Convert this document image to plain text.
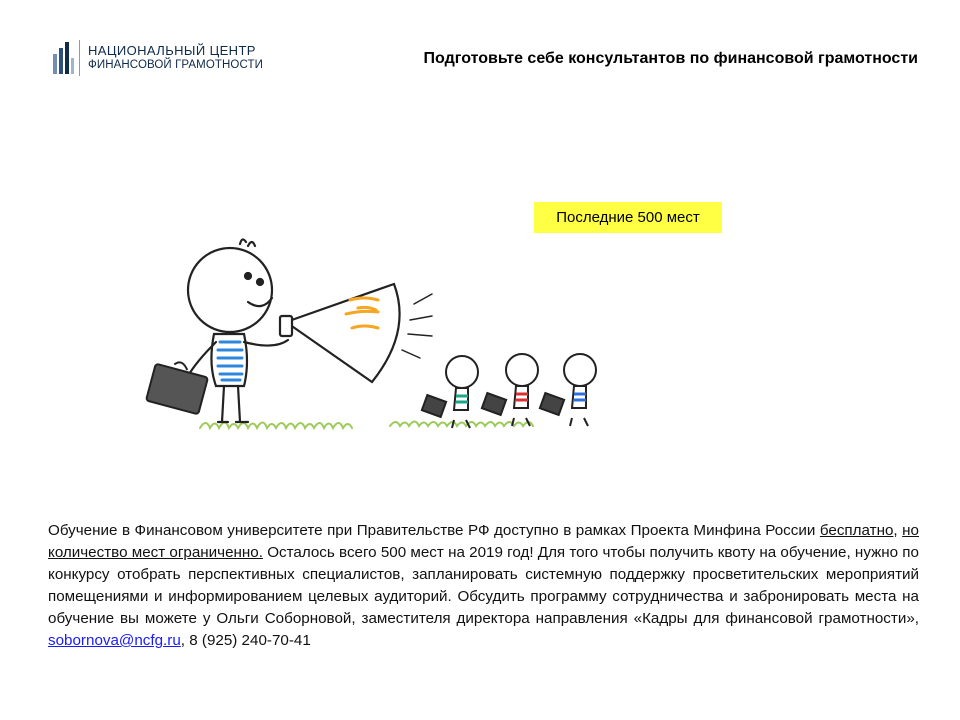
НАЦИОНАЛЬНЫЙ ЦЕНТР
ФИНАНСОВОЙ ГРАМОТНОСТИ	Подготовьте себе консультантов по финансовой грамотности
Последние 500 мест
Обучение в Финансовом университете при Правительстве РФ доступно в рамках Проекта Минфина России бесплатно, но количество мест ограниченно. Осталось всего 500 мест на 2019 год! Для того чтобы получить квоту на обучение, нужно по конкурсу отобрать перспективных специалистов, запланировать системную поддержку просветительских мероприятий помещениями и информированием целевых аудиторий. Обсудить программу сотрудничества и забронировать места на обучение вы можете у Ольги Соборновой, заместителя директора направления «Кадры для финансовой грамотности», sobornova@ncfg.ru, 8 (925) 240-70-41
